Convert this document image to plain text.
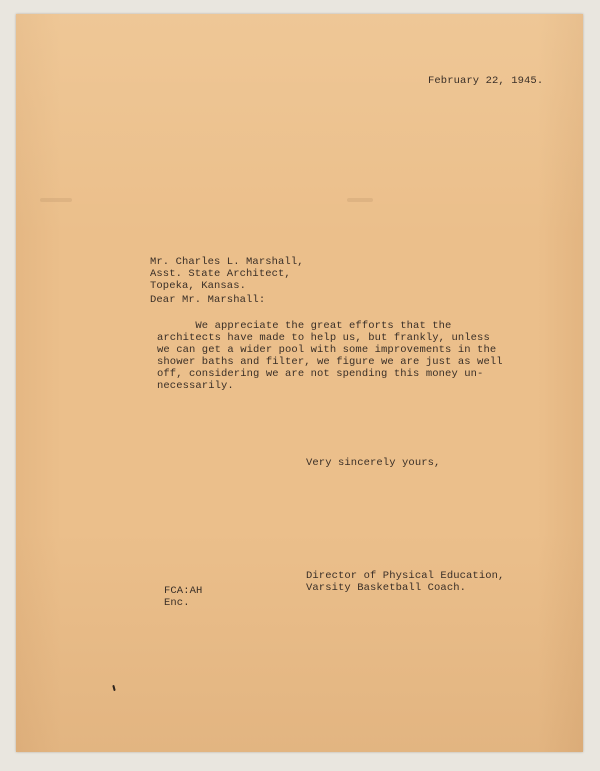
February 22, 1945.
Mr. Charles L. Marshall,
Asst. State Architect,
Topeka, Kansas.
Dear Mr. Marshall:
We appreciate the great efforts that the
architects have made to help us, but frankly, unless
we can get a wider pool with some improvements in the
shower baths and filter, we figure we are just as well
off, considering we are not spending this money un-
necessarily.
Very sincerely yours,
Director of Physical Education,
Varsity Basketball Coach.
FCA:AH
Enc.
